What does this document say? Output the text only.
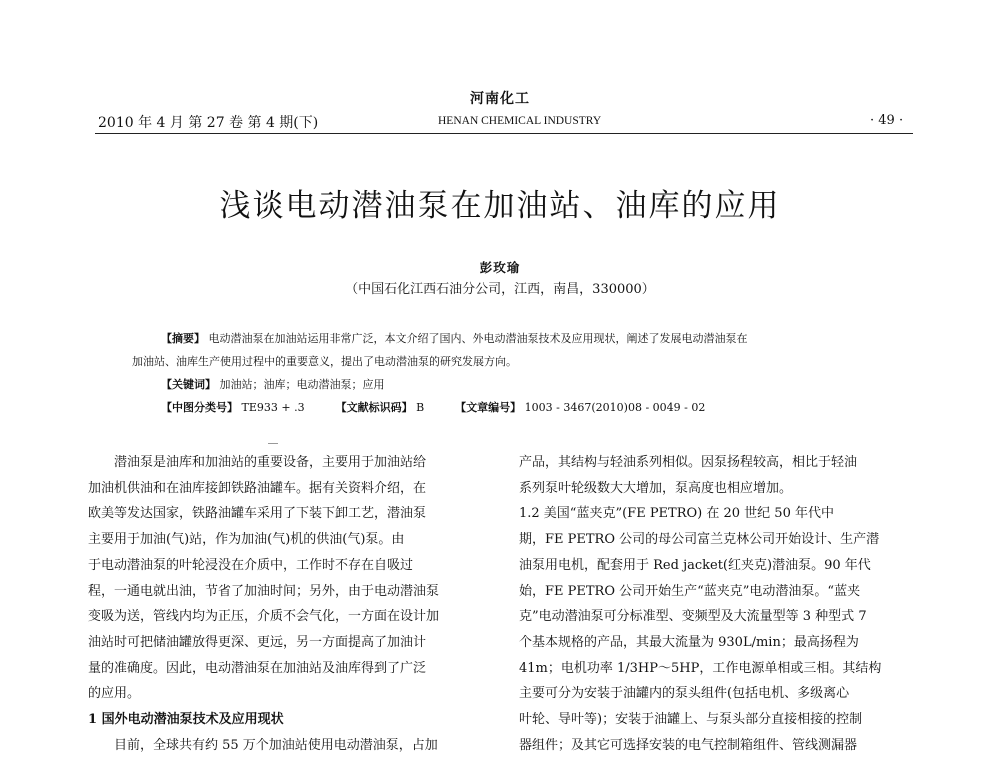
河南化工
2010 年 4 月 第 27 卷 第 4 期(下)	HENAN CHEMICAL INDUSTRY	· 49 ·
浅谈电动潜油泵在加油站、油库的应用
彭玫瑜
（中国石化江西石油分公司，江西，南昌，330000）
【摘要】 电动潜油泵在加油站运用非常广泛，本文介绍了国内、外电动潜油泵技术及应用现状，阐述了发展电动潜油泵在
加油站、油库生产使用过程中的重要意义，提出了电动潜油泵的研究发展方向。
【关键词】 加油站；油库；电动潜油泵；应用
【中图分类号】 TE933 + .3	【文献标识码】 B	【文章编号】 1003 - 3467(2010)08 - 0049 - 02

潜油泵是油库和加油站的重要设备，主要用于加油站给

加油机供油和在油库接卸铁路油罐车。据有关资料介绍，在

欧美等发达国家，铁路油罐车采用了下装下卸工艺，潜油泵

主要用于加油(气)站，作为加油(气)机的供油(气)泵。由

于电动潜油泵的叶轮浸没在介质中，工作时不存在自吸过

程，一通电就出油，节省了加油时间；另外，由于电动潜油泵

变吸为送，管线内均为正压，介质不会气化，一方面在设计加

油站时可把储油罐放得更深、更远，另一方面提高了加油计

量的准确度。因此，电动潜油泵在加油站及油库得到了广泛

的应用。

1 国外电动潜油泵技术及应用现状

目前，全球共有约 55 万个加油站使用电动潜油泵，占加

产品，其结构与轻油系列相似。因泵扬程较高，相比于轻油

系列泵叶轮级数大大增加，泵高度也相应增加。

1.2 美国“蓝夹克”(FE PETRO) 在 20 世纪 50 年代中

期，FE PETRO 公司的母公司富兰克林公司开始设计、生产潜

油泵用电机，配套用于 Red jacket(红夹克)潜油泵。90 年代

始，FE PETRO 公司开始生产“蓝夹克”电动潜油泵。“蓝夹

克”电动潜油泵可分标准型、变频型及大流量型等 3 种型式 7

个基本规格的产品，其最大流量为 930L/min；最高扬程为

41m；电机功率 1/3HP～5HP，工作电源单相或三相。其结构

主要可分为安装于油罐内的泵头组件(包括电机、多级离心

叶轮、导叶等)；安装于油罐上、与泵头部分直接相接的控制

器组件；及其它可选择安装的电气控制箱组件、管线测漏器
